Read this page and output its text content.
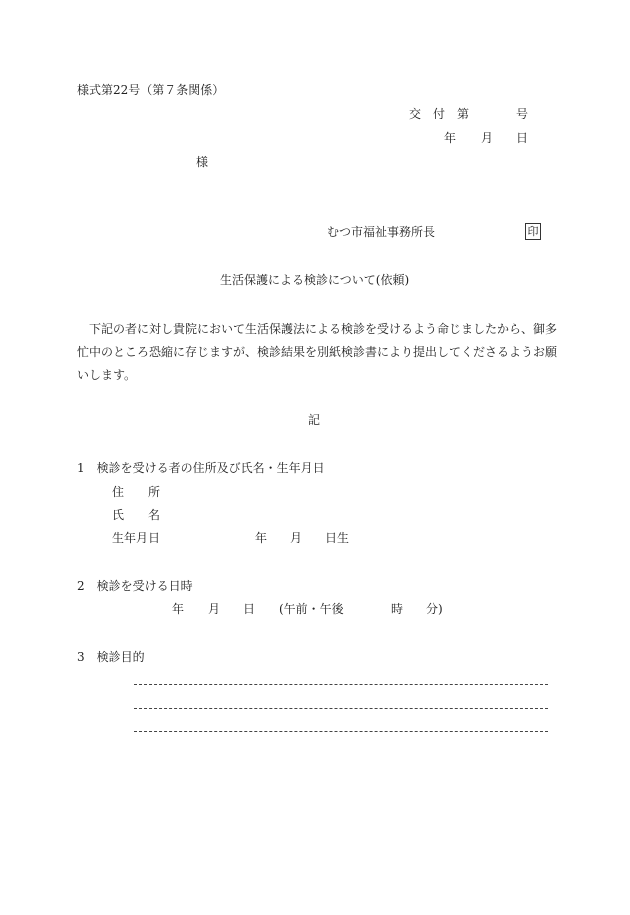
様式第22号（第７条関係）
交　付　第	号
年 月 日
様
むつ市福祉事務所長	印
生活保護による検診について(依頼)
下記の者に対し貴院において生活保護法による検診を受けるよう命じましたから、御多
忙中のところ恐縮に存じますが、検診結果を別紙検診書により提出してくださるようお願
いします。
記
1　検診を受ける者の住所及び氏名・生年月日
住　　所
氏　　名
生年月日	年 月 日生
2　検診を受ける日時
年 月 日 (午前・午後	時 分)
3　検診目的
